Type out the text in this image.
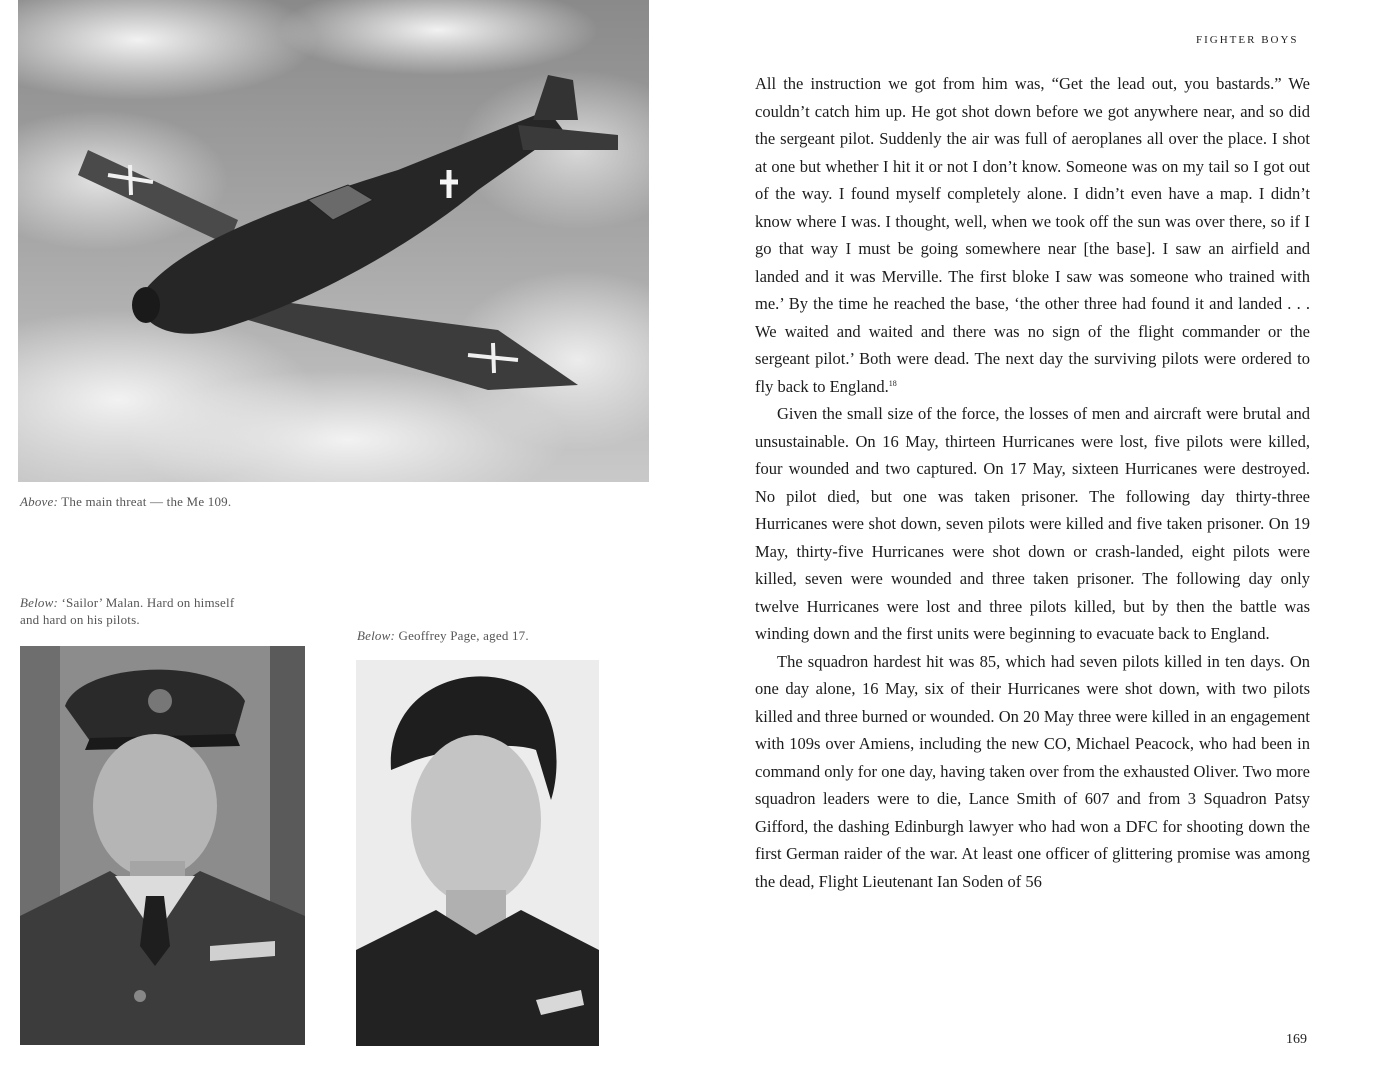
Above: The main threat — the Me 109.
Below: ‘Sailor’ Malan. Hard on himself
and hard on his pilots.
Below: Geoffrey Page, aged 17.
FIGHTER BOYS

All the instruction we got from him was, “Get the lead out, you bastards.” We couldn’t catch him up. He got shot down before we got anywhere near, and so did the sergeant pilot. Suddenly the air was full of aeroplanes all over the place. I shot at one but whether I hit it or not I don’t know. Someone was on my tail so I got out of the way. I found myself completely alone. I didn’t even have a map. I didn’t know where I was. I thought, well, when we took off the sun was over there, so if I go that way I must be going somewhere near [the base]. I saw an airfield and landed and it was Merville. The first bloke I saw was someone who trained with me.’ By the time he reached the base, ‘the other three had found it and landed . . . We waited and waited and there was no sign of the flight commander or the sergeant pilot.’ Both were dead. The next day the surviving pilots were ordered to fly back to England.$^{18}$

Given the small size of the force, the losses of men and aircraft were brutal and unsustainable. On 16 May, thirteen Hurricanes were lost, five pilots were killed, four wounded and two captured. On 17 May, sixteen Hurricanes were destroyed. No pilot died, but one was taken prisoner. The following day thirty-three Hurricanes were shot down, seven pilots were killed and five taken prisoner. On 19 May, thirty-five Hurricanes were shot down or crash-landed, eight pilots were killed, seven were wounded and three taken prisoner. The following day only twelve Hurricanes were lost and three pilots killed, but by then the battle was winding down and the first units were beginning to evacuate back to England.

The squadron hardest hit was 85, which had seven pilots killed in ten days. On one day alone, 16 May, six of their Hurricanes were shot down, with two pilots killed and three burned or wounded. On 20 May three were killed in an engagement with 109s over Amiens, including the new CO, Michael Peacock, who had been in command only for one day, having taken over from the exhausted Oliver. Two more squadron leaders were to die, Lance Smith of 607 and from 3 Squadron Patsy Gifford, the dashing Edinburgh lawyer who had won a DFC for shooting down the first German raider of the war. At least one officer of glittering promise was among the dead, Flight Lieutenant Ian Soden of 56

169
